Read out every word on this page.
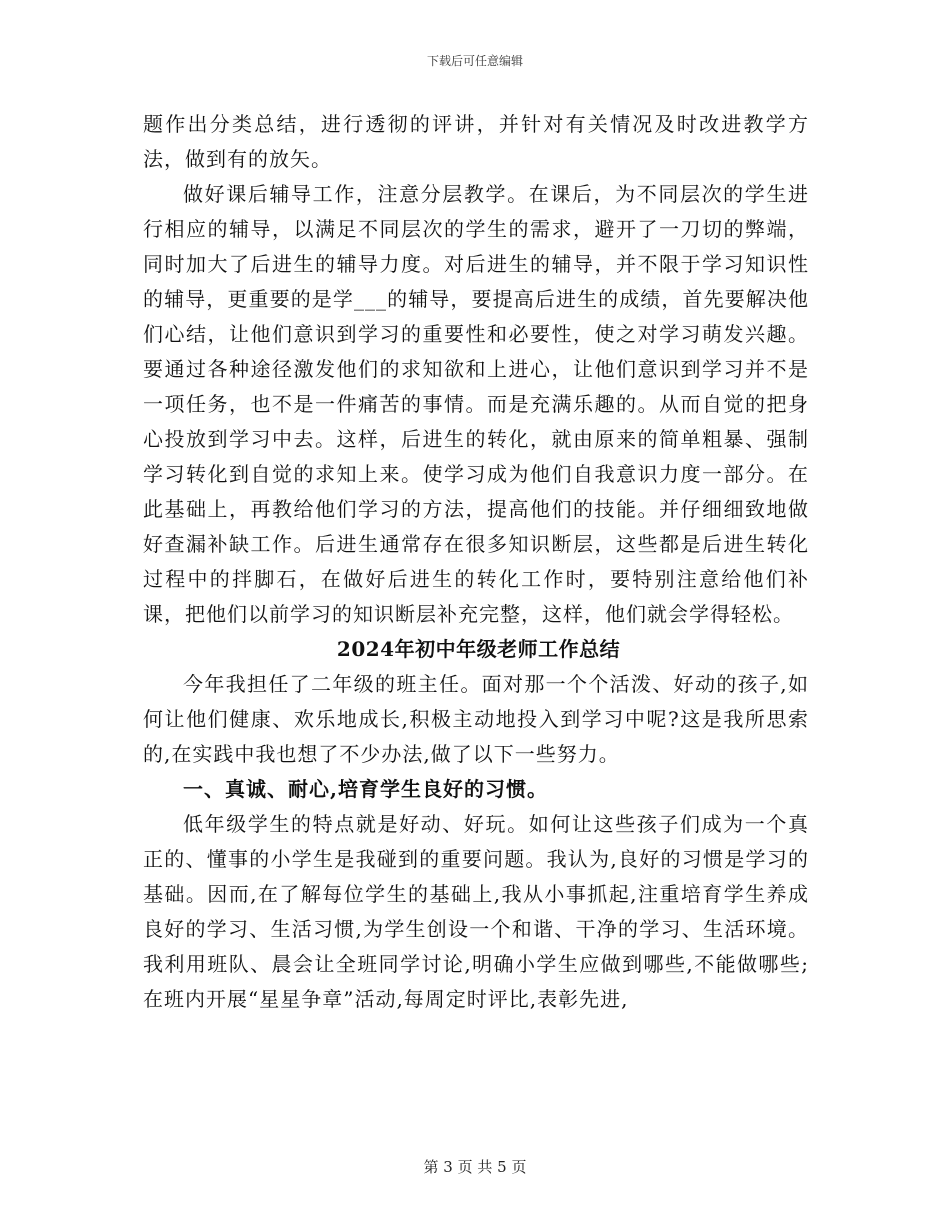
下载后可任意编辑

题作出分类总结，进行透彻的评讲，并针对有关情况及时改进教学方法，做到有的放矢。

做好课后辅导工作，注意分层教学。在课后，为不同层次的学生进行相应的辅导，以满足不同层次的学生的需求，避开了一刀切的弊端，同时加大了后进生的辅导力度。对后进生的辅导，并不限于学习知识性的辅导，更重要的是学___的辅导，要提高后进生的成绩，首先要解决他们心结，让他们意识到学习的重要性和必要性，使之对学习萌发兴趣。要通过各种途径激发他们的求知欲和上进心，让他们意识到学习并不是一项任务，也不是一件痛苦的事情。而是充满乐趣的。从而自觉的把身心投放到学习中去。这样，后进生的转化，就由原来的简单粗暴、强制学习转化到自觉的求知上来。使学习成为他们自我意识力度一部分。在此基础上，再教给他们学习的方法，提高他们的技能。并仔细细致地做好查漏补缺工作。后进生通常存在很多知识断层，这些都是后进生转化过程中的拌脚石，在做好后进生的转化工作时，要特别注意给他们补课，把他们以前学习的知识断层补充完整，这样，他们就会学得轻松。

2024年初中年级老师工作总结

今年我担任了二年级的班主任。面对那一个个活泼、好动的孩子,如何让他们健康、欢乐地成长,积极主动地投入到学习中呢?这是我所思索的,在实践中我也想了不少办法,做了以下一些努力。

一、真诚、耐心,培育学生良好的习惯。

低年级学生的特点就是好动、好玩。如何让这些孩子们成为一个真正的、懂事的小学生是我碰到的重要问题。我认为,良好的习惯是学习的基础。因而,在了解每位学生的基础上,我从小事抓起,注重培育学生养成良好的学习、生活习惯,为学生创设一个和谐、干净的学习、生活环境。我利用班队、晨会让全班同学讨论,明确小学生应做到哪些,不能做哪些;在班内开展“星星争章”活动,每周定时评比,表彰先进,

第 3 页 共 5 页
